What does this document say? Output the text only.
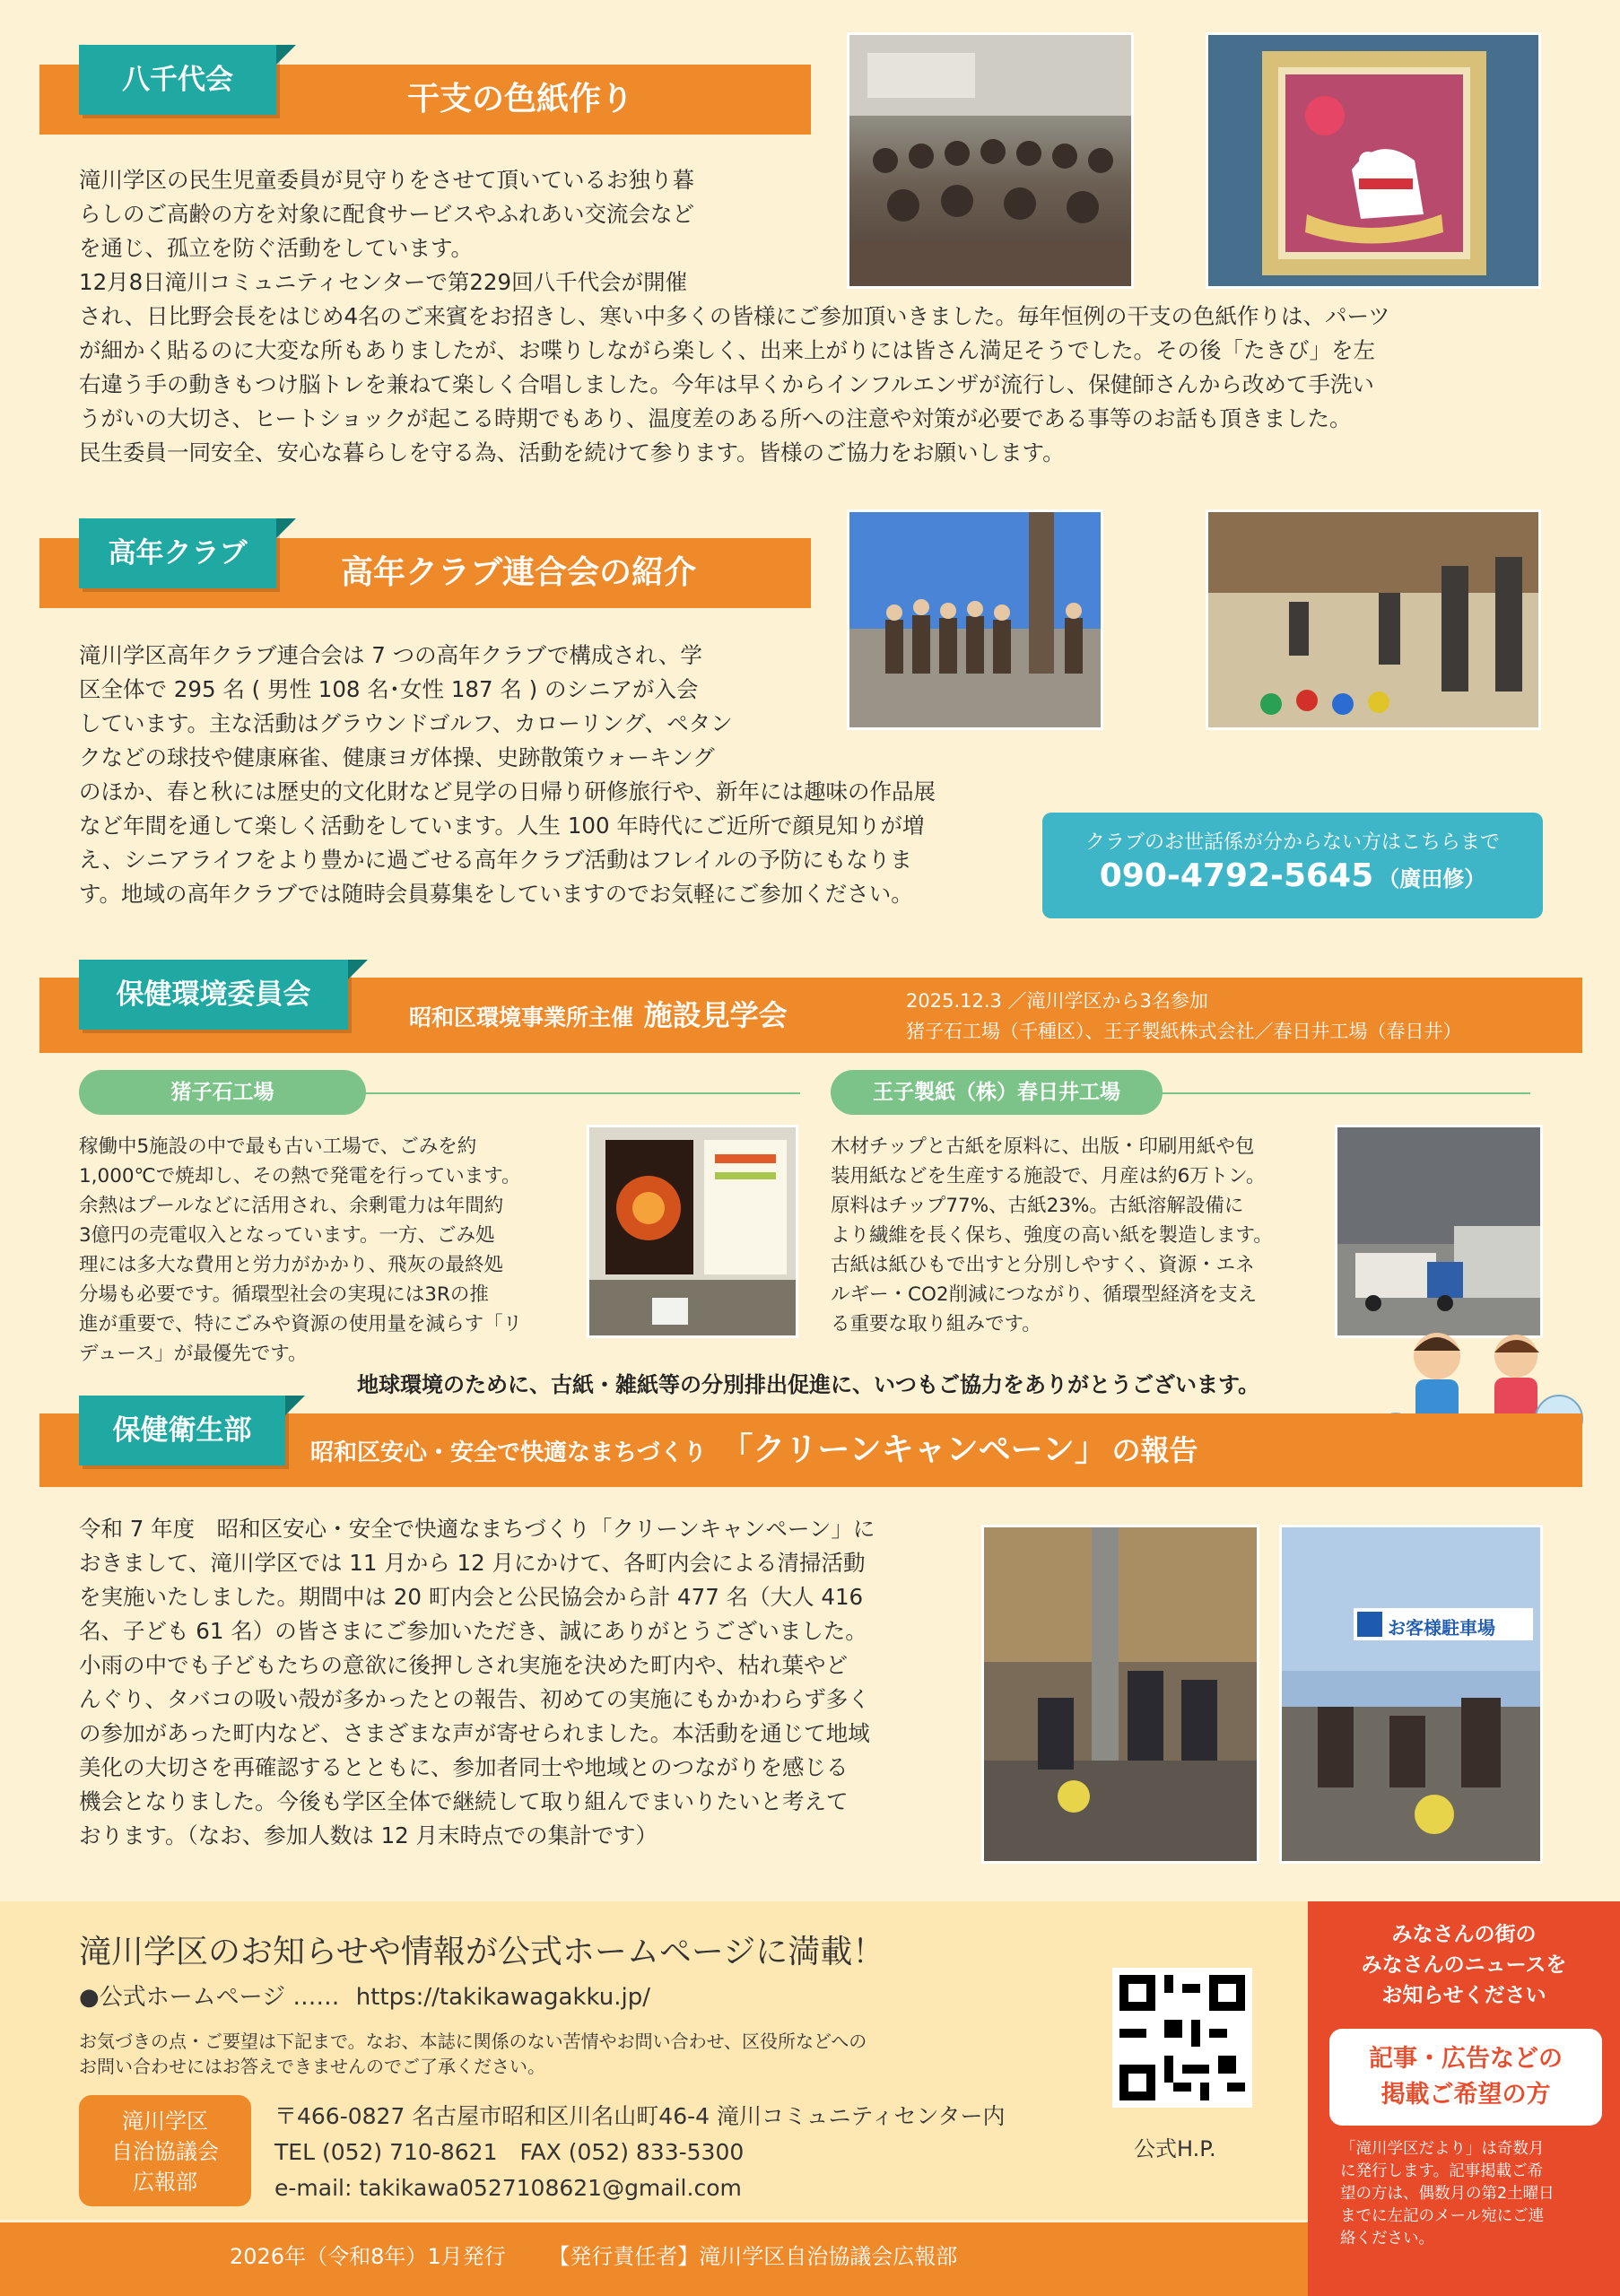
八千代会
干支の色紙作り
滝川学区の民生児童委員が見守りをさせて頂いているお独り暮
らしのご高齢の方を対象に配食サービスやふれあい交流会など
を通じ、孤立を防ぐ活動をしています。
12月8日滝川コミュニティセンターで第229回八千代会が開催
され、日比野会長をはじめ4名のご来賓をお招きし、寒い中多くの皆様にご参加頂いきました。毎年恒例の干支の色紙作りは、パーツ
が細かく貼るのに大変な所もありましたが、お喋りしながら楽しく、出来上がりには皆さん満足そうでした。その後「たきび」を左
右違う手の動きもつけ脳トレを兼ねて楽しく合唱しました。今年は早くからインフルエンザが流行し、保健師さんから改めて手洗い
うがいの大切さ、ヒートショックが起こる時期でもあり、温度差のある所への注意や対策が必要である事等のお話も頂きました。
民生委員一同安全、安心な暮らしを守る為、活動を続けて参ります。皆様のご協力をお願いします。
高年クラブ
高年クラブ連合会の紹介
滝川学区高年クラブ連合会は 7 つの高年クラブで構成され、学
区全体で 295 名 ( 男性 108 名･女性 187 名 ) のシニアが入会
しています。主な活動はグラウンドゴルフ、カローリング、ペタン
クなどの球技や健康麻雀、健康ヨガ体操、史跡散策ウォーキング
のほか、春と秋には歴史的文化財など見学の日帰り研修旅行や、新年には趣味の作品展
など年間を通して楽しく活動をしています。人生 100 年時代にご近所で顔見知りが増
え、シニアライフをより豊かに過ごせる高年クラブ活動はフレイルの予防にもなりま
す。地域の高年クラブでは随時会員募集をしていますのでお気軽にご参加ください。
クラブのお世話係が分からない方はこちらまで
090-4792-5645 （廣田修）
保健環境委員会
昭和区環境事業所主催 施設見学会	2025.12.3 ／滝川学区から3名参加
猪子石工場（千種区）、王子製紙株式会社／春日井工場（春日井）
猪子石工場	王子製紙（株）春日井工場
稼働中5施設の中で最も古い工場で、ごみを約
1,000℃で焼却し、その熱で発電を行っています。
余熱はプールなどに活用され、余剰電力は年間約
3億円の売電収入となっています。一方、ごみ処
理には多大な費用と労力がかかり、飛灰の最終処
分場も必要です。循環型社会の実現には3Rの推
進が重要で、特にごみや資源の使用量を減らす「リ
デュース」が最優先です。
木材チップと古紙を原料に、出版・印刷用紙や包
装用紙などを生産する施設で、月産は約6万トン。
原料はチップ77%、古紙23%。古紙溶解設備に
より繊維を長く保ち、強度の高い紙を製造します。
古紙は紙ひもで出すと分別しやすく、資源・エネ
ルギー・CO2削減につながり、循環型経済を支え
る重要な取り組みです。
地球環境のために、古紙・雑紙等の分別排出促進に、いつもご協力をありがとうございます。
保健衛生部
昭和区安心・安全で快適なまちづくり 「クリーンキャンペーン」 の報告
令和 7 年度　昭和区安心・安全で快適なまちづくり「クリーンキャンペーン」に
おきまして、滝川学区では 11 月から 12 月にかけて、各町内会による清掃活動
を実施いたしました。期間中は 20 町内会と公民協会から計 477 名（大人 416
名、子ども 61 名）の皆さまにご参加いただき、誠にありがとうございました。
小雨の中でも子どもたちの意欲に後押しされ実施を決めた町内や、枯れ葉やど
んぐり、タバコの吸い殻が多かったとの報告、初めての実施にもかかわらず多く
の参加があった町内など、さまざまな声が寄せられました。本活動を通じて地域
美化の大切さを再確認するとともに、参加者同士や地域とのつながりを感じる
機会となりました。今後も学区全体で継続して取り組んでまいりたいと考えて
おります。（なお、参加人数は 12 月末時点での集計です）
お客様駐車場
滝川学区のお知らせや情報が公式ホームページに満載！
●公式ホームページ …… https://takikawagakku.jp/
お気づきの点・ご要望は下記まで。なお、本誌に関係のない苦情やお問い合わせ、区役所などへの
お問い合わせにはお答えできませんのでご了承ください。
滝川学区
自治協議会
広報部
〒466-0827 名古屋市昭和区川名山町46-4 滝川コミュニティセンター内
TEL (052) 710-8621　FAX (052) 833-5300
e-mail: takikawa0527108621@gmail.com
公式H.P.
みなさんの街の
みなさんのニュースを
お知らせください
記事・広告などの
掲載ご希望の方
「滝川学区だより」は奇数月
に発行します。記事掲載ご希
望の方は、偶数月の第2土曜日
までに左記のメール宛にご連
絡ください。
2026年（令和8年）1月発行 【発行責任者】滝川学区自治協議会広報部
